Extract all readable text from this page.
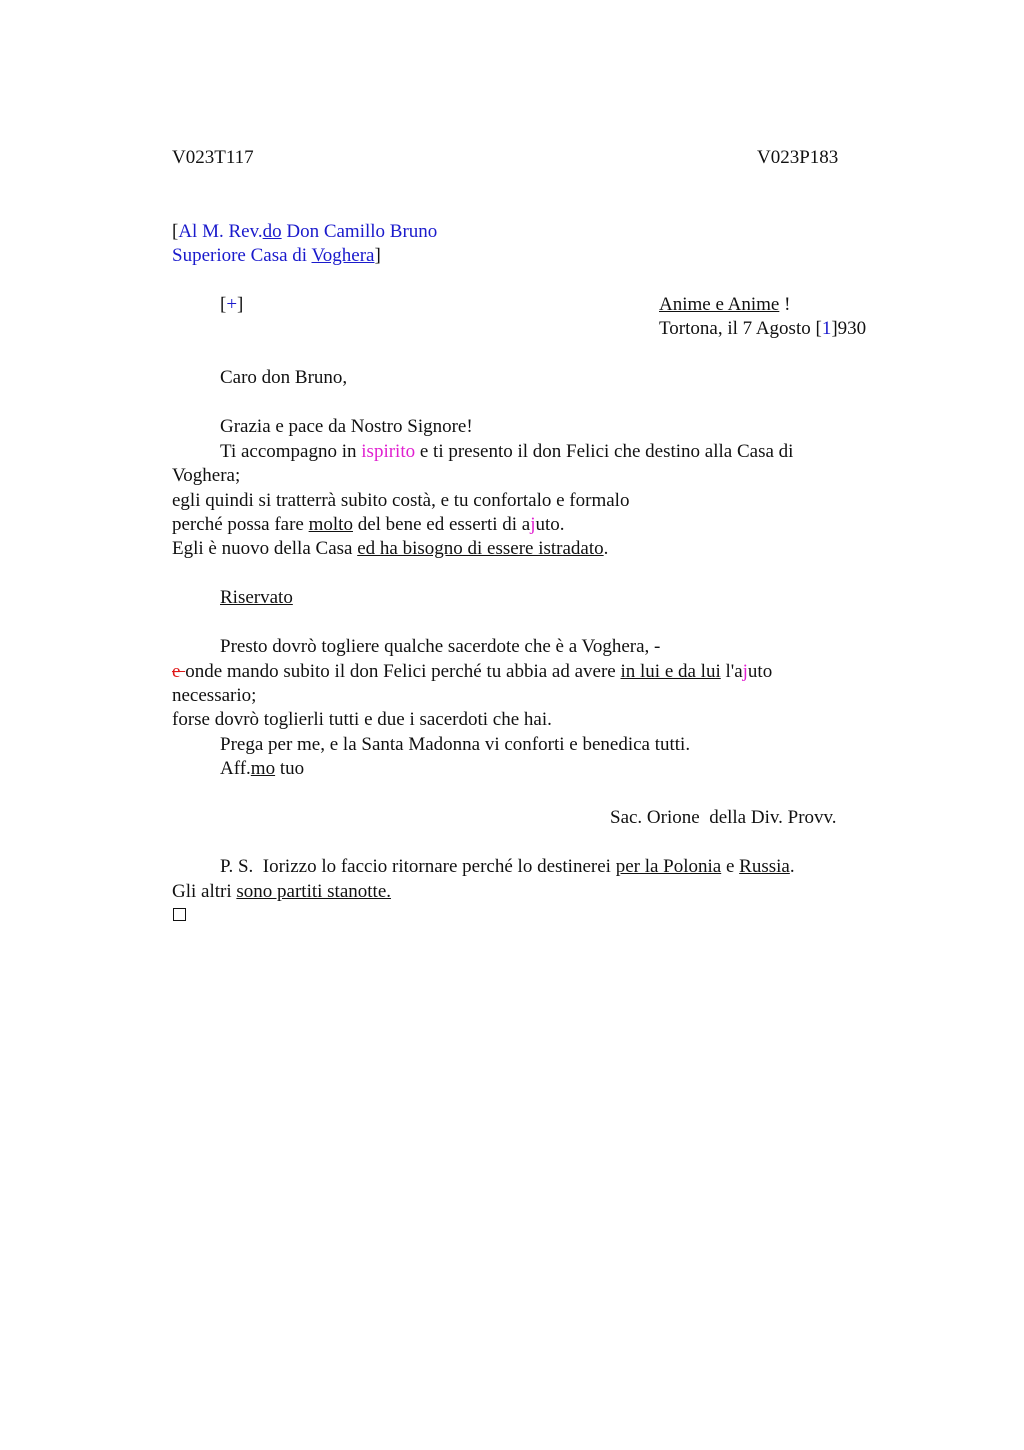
V023T117	V023P183
[Al M. Rev.do Don Camillo Bruno
Superiore Casa di Voghera]
[+]	Anime e Anime !
Tortona, il 7 Agosto [1]930
Caro don Bruno,
Grazia e pace da Nostro Signore!
Ti accompagno in ispirito e ti presento il don Felici che destino alla Casa di
Voghera;
egli quindi si tratterrà subito costà, e tu confortalo e formalo
perché possa fare molto del bene ed esserti di ajuto.
Egli è nuovo della Casa ed ha bisogno di essere istradato.
Riservato
Presto dovrò togliere qualche sacerdote che è a Voghera, -
e onde mando subito il don Felici perché tu abbia ad avere in lui e da lui l'ajuto
necessario;
forse dovrò toglierli tutti e due i sacerdoti che hai.
Prega per me, e la Santa Madonna vi conforti e benedica tutti.
Aff.mo tuo
Sac. Orione  della Div. Provv.
P. S.  Iorizzo lo faccio ritornare perché lo destinerei per la Polonia e Russia.
Gli altri sono partiti stanotte.
